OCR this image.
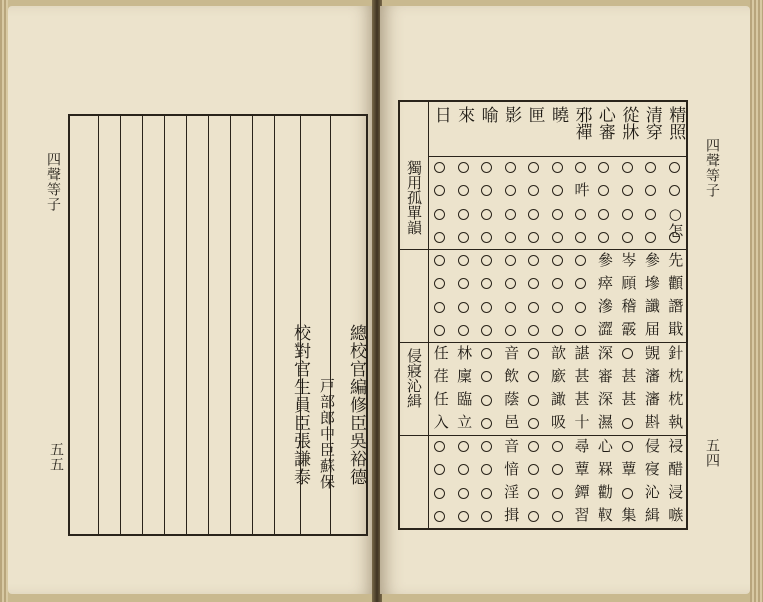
四聲等子
五五	總校官編修臣吳裕德
戸部郎中臣蘇保
校對官生員臣張謙泰
四聲等子
五四
精照
清穿
從牀
心審
邪禪
曉
匣
影
喻
來
日
獨用孤單韻
侵寢沁緝
吽
○怎
先
參
岑
參
顴
墋
頋
瘁
譖
讖
稽
滲
戢
届
霰
澀
針
覬
深
諶
歆
音
林
任
枕
瀋
甚
審
甚
廞
飲
廩
荏
枕
瀋
甚
深
甚
譀
蔭
臨
任
執
斟
濕
十
吸
邑
立
入
祲
侵
心
尋
音
醋
寑
蕈
罧
蕈
愔
浸
沁
勸
鐔
淫
嗾
緝
集
靫
習
揖
